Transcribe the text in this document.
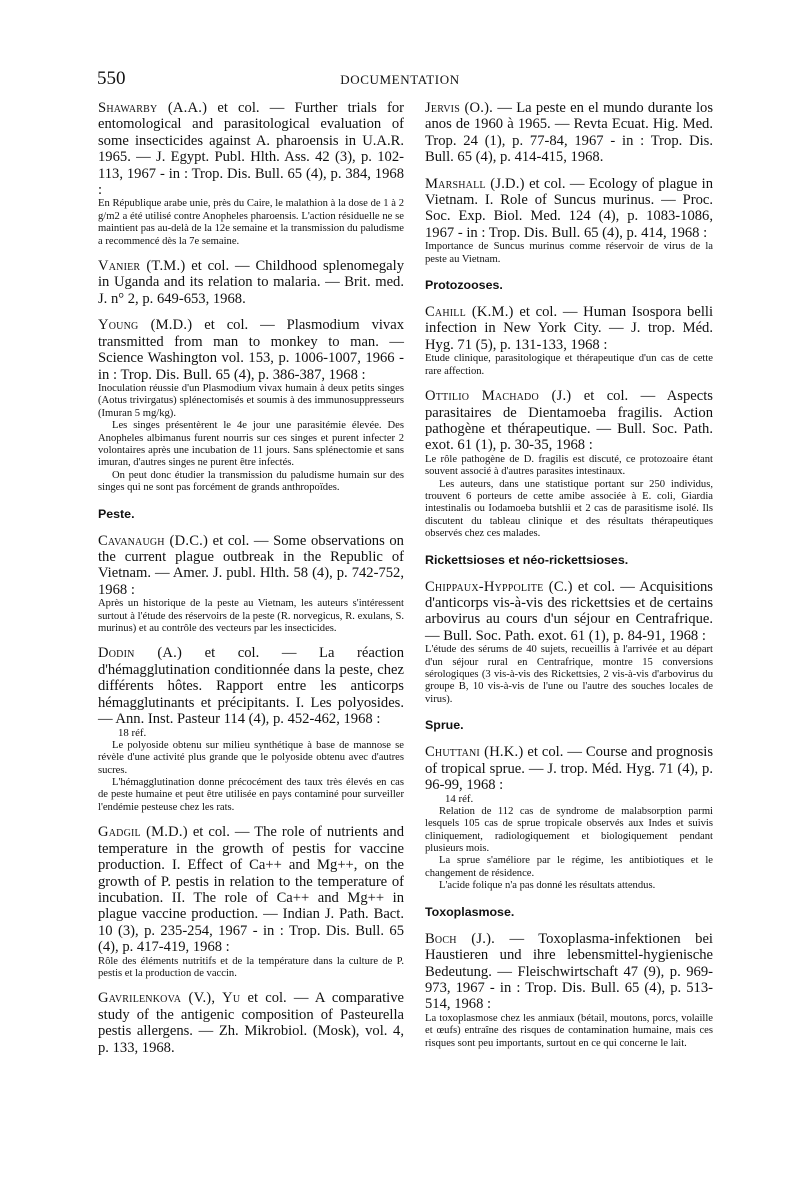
550	DOCUMENTATION
Shawarby (A.A.) et col. — Further trials for entomological and parasitological evaluation of some insecticides against A. pharoensis in U.A.R. 1965. — J. Egypt. Publ. Hlth. Ass. 42 (3), p. 102-113, 1967 - in : Trop. Dis. Bull. 65 (4), p. 384, 1968 :

En République arabe unie, près du Caire, le malathion à la dose de 1 à 2 g/m2 a été utilisé contre Anopheles pharoensis. L'action résiduelle ne se maintient pas au-delà de la 12e semaine et la transmission du paludisme a recommencé dès la 7e semaine.

Vanier (T.M.) et col. — Childhood splenomegaly in Uganda and its relation to malaria. — Brit. med. J. n° 2, p. 649-653, 1968.
Young (M.D.) et col. — Plasmodium vivax transmitted from man to monkey to man. — Science Washington vol. 153, p. 1006-1007, 1966 - in : Trop. Dis. Bull. 65 (4), p. 386-387, 1968 :

Inoculation réussie d'un Plasmodium vivax humain à deux petits singes (Aotus trivirgatus) splénectomisés et soumis à des immunosuppresseurs (Imuran 5 mg/kg).

Les singes présentèrent le 4e jour une parasitémie élevée. Des Anopheles albimanus furent nourris sur ces singes et purent infecter 2 volontaires après une incubation de 11 jours. Sans splénectomie et sans imuran, d'autres singes ne purent être infectés.

On peut donc étudier la transmission du paludisme humain sur des singes qui ne sont pas forcément de grands anthropoïdes.

Peste.
Cavanaugh (D.C.) et col. — Some observations on the current plague outbreak in the Republic of Vietnam. — Amer. J. publ. Hlth. 58 (4), p. 742-752, 1968 :

Après un historique de la peste au Vietnam, les auteurs s'intéressent surtout à l'étude des réservoirs de la peste (R. norvegicus, R. exulans, S. murinus) et au contrôle des vecteurs par les insecticides.

Dodin (A.) et col. — La réaction d'hémagglutination conditionnée dans la peste, chez différents hôtes. Rapport entre les anticorps hémagglutinants et précipitants. I. Les polyosides. — Ann. Inst. Pasteur 114 (4), p. 452-462, 1968 :
18 réf.

Le polyoside obtenu sur milieu synthétique à base de mannose se révèle d'une activité plus grande que le polyoside obtenu avec d'autres sucres.

L'hémagglutination donne précocément des taux très élevés en cas de peste humaine et peut être utilisée en pays contaminé pour surveiller l'endémie pesteuse chez les rats.

Gadgil (M.D.) et col. — The role of nutrients and temperature in the growth of pestis for vaccine production. I. Effect of Ca++ and Mg++, on the growth of P. pestis in relation to the temperature of incubation. II. The role of Ca++ and Mg++ in plague vaccine production. — Indian J. Path. Bact. 10 (3), p. 235-254, 1967 - in : Trop. Dis. Bull. 65 (4), p. 417-419, 1968 :

Rôle des éléments nutritifs et de la température dans la culture de P. pestis et la production de vaccin.

Gavrilenkova (V.), Yu et col. — A comparative study of the antigenic composition of Pasteurella pestis allergens. — Zh. Mikrobiol. (Mosk), vol. 4, p. 133, 1968.
Jervis (O.). — La peste en el mundo durante los anos de 1960 à 1965. — Revta Ecuat. Hig. Med. Trop. 24 (1), p. 77-84, 1967 - in : Trop. Dis. Bull. 65 (4), p. 414-415, 1968.
Marshall (J.D.) et col. — Ecology of plague in Vietnam. I. Role of Suncus murinus. — Proc. Soc. Exp. Biol. Med. 124 (4), p. 1083-1086, 1967 - in : Trop. Dis. Bull. 65 (4), p. 414, 1968 :

Importance de Suncus murinus comme réservoir de virus de la peste au Vietnam.

Protozooses.
Cahill (K.M.) et col. — Human Isospora belli infection in New York City. — J. trop. Méd. Hyg. 71 (5), p. 131-133, 1968 :

Etude clinique, parasitologique et thérapeutique d'un cas de cette rare affection.

Ottilio Machado (J.) et col. — Aspects parasitaires de Dientamoeba fragilis. Action pathogène et thérapeutique. — Bull. Soc. Path. exot. 61 (1), p. 30-35, 1968 :

Le rôle pathogène de D. fragilis est discuté, ce protozoaire étant souvent associé à d'autres parasites intestinaux.

Les auteurs, dans une statistique portant sur 250 individus, trouvent 6 porteurs de cette amibe associée à E. coli, Giardia intestinalis ou Iodamoeba butshlii et 2 cas de parasitisme isolé. Ils discutent du tableau clinique et des résultats thérapeutiques observés chez ces malades.

Rickettsioses et néo-rickettsioses.
Chippaux-Hyppolite (C.) et col. — Acquisitions d'anticorps vis-à-vis des rickettsies et de certains arbovirus au cours d'un séjour en Centrafrique. — Bull. Soc. Path. exot. 61 (1), p. 84-91, 1968 :

L'étude des sérums de 40 sujets, recueillis à l'arrivée et au départ d'un séjour rural en Centrafrique, montre 15 conversions sérologiques (3 vis-à-vis des Rickettsies, 2 vis-à-vis d'arbovirus du groupe B, 10 vis-à-vis de l'une ou l'autre des souches locales de virus).

Sprue.
Chuttani (H.K.) et col. — Course and prognosis of tropical sprue. — J. trop. Méd. Hyg. 71 (4), p. 96-99, 1968 :
14 réf.

Relation de 112 cas de syndrome de malabsorption parmi lesquels 105 cas de sprue tropicale observés aux Indes et suivis cliniquement, radiologiquement et biologiquement pendant plusieurs mois.

La sprue s'améliore par le régime, les antibiotiques et le changement de résidence.

L'acide folique n'a pas donné les résultats attendus.

Toxoplasmose.
Boch (J.). — Toxoplasma-infektionen bei Haustieren und ihre lebensmittel-hygienische Bedeutung. — Fleischwirtschaft 47 (9), p. 969-973, 1967 - in : Trop. Dis. Bull. 65 (4), p. 513-514, 1968 :

La toxoplasmose chez les anmiaux (bétail, moutons, porcs, volaille et œufs) entraîne des risques de contamination humaine, mais ces risques sont peu importants, surtout en ce qui concerne le lait.
